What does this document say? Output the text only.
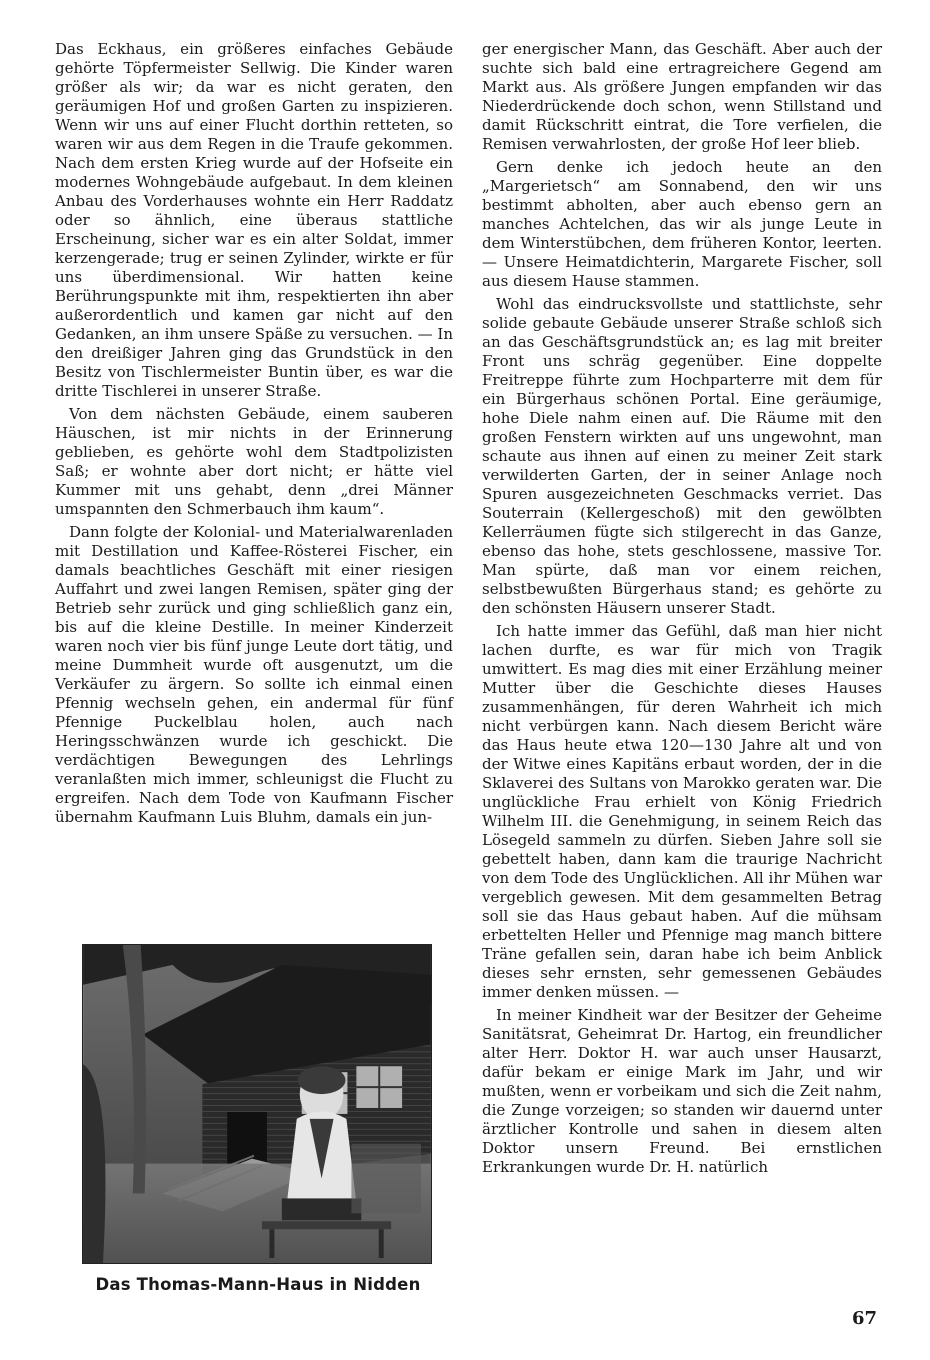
Das Eckhaus, ein größeres einfaches Gebäude gehörte Töpfermeister Sellwig. Die Kinder waren größer als wir; da war es nicht geraten, den geräumigen Hof und großen Garten zu inspizieren. Wenn wir uns auf einer Flucht dorthin retteten, so waren wir aus dem Regen in die Traufe gekommen. Nach dem ersten Krieg wurde auf der Hofseite ein modernes Wohngebäude aufgebaut. In dem kleinen Anbau des Vorderhauses wohnte ein Herr Raddatz oder so ähnlich, eine überaus stattliche Erscheinung, sicher war es ein alter Soldat, immer kerzengerade; trug er seinen Zylinder, wirkte er für uns überdimensional. Wir hatten keine Berührungspunkte mit ihm, respektierten ihn aber außerordentlich und kamen gar nicht auf den Gedanken, an ihm unsere Späße zu versuchen. — In den dreißiger Jahren ging das Grundstück in den Besitz von Tischlermeister Buntin über, es war die dritte Tischlerei in unserer Straße.

Von dem nächsten Gebäude, einem sauberen Häuschen, ist mir nichts in der Erinnerung geblieben, es gehörte wohl dem Stadtpolizisten Saß; er wohnte aber dort nicht; er hätte viel Kummer mit uns gehabt, denn „drei Männer umspannten den Schmerbauch ihm kaum“.

Dann folgte der Kolonial- und Materialwarenladen mit Destillation und Kaffee-Rösterei Fischer, ein damals beachtliches Geschäft mit einer riesigen Auffahrt und zwei langen Remisen, später ging der Betrieb sehr zurück und ging schließlich ganz ein, bis auf die kleine Destille. In meiner Kinderzeit waren noch vier bis fünf junge Leute dort tätig, und meine Dummheit wurde oft ausgenutzt, um die Verkäufer zu ärgern. So sollte ich einmal einen Pfennig wechseln gehen, ein andermal für fünf Pfennige Puckelblau holen, auch nach Heringsschwänzen wurde ich geschickt. Die verdächtigen Bewegungen des Lehrlings veranlaßten mich immer, schleunigst die Flucht zu ergreifen. Nach dem Tode von Kaufmann Fischer übernahm Kaufmann Luis Bluhm, damals ein jun-

Das Thomas-Mann-Haus in Nidden

ger energischer Mann, das Geschäft. Aber auch der suchte sich bald eine ertragreichere Gegend am Markt aus. Als größere Jungen empfanden wir das Niederdrückende doch schon, wenn Stillstand und damit Rückschritt eintrat, die Tore verfielen, die Remisen verwahrlosten, der große Hof leer blieb.

Gern denke ich jedoch heute an den „Margerietsch“ am Sonnabend, den wir uns bestimmt abholten, aber auch ebenso gern an manches Achtelchen, das wir als junge Leute in dem Winterstübchen, dem früheren Kontor, leerten. — Unsere Heimatdichterin, Margarete Fischer, soll aus diesem Hause stammen.

Wohl das eindrucksvollste und stattlichste, sehr solide gebaute Gebäude unserer Straße schloß sich an das Geschäftsgrundstück an; es lag mit breiter Front uns schräg gegenüber. Eine doppelte Freitreppe führte zum Hochparterre mit dem für ein Bürgerhaus schönen Portal. Eine geräumige, hohe Diele nahm einen auf. Die Räume mit den großen Fenstern wirkten auf uns ungewohnt, man schaute aus ihnen auf einen zu meiner Zeit stark verwilderten Garten, der in seiner Anlage noch Spuren ausgezeichneten Geschmacks verriet. Das Souterrain (Kellergeschoß) mit den gewölbten Kellerräumen fügte sich stilgerecht in das Ganze, ebenso das hohe, stets geschlossene, massive Tor. Man spürte, daß man vor einem reichen, selbstbewußten Bürgerhaus stand; es gehörte zu den schönsten Häusern unserer Stadt.

Ich hatte immer das Gefühl, daß man hier nicht lachen durfte, es war für mich von Tragik umwittert. Es mag dies mit einer Erzählung meiner Mutter über die Geschichte dieses Hauses zusammenhängen, für deren Wahrheit ich mich nicht verbürgen kann. Nach diesem Bericht wäre das Haus heute etwa 120—130 Jahre alt und von der Witwe eines Kapitäns erbaut worden, der in die Sklaverei des Sultans von Marokko geraten war. Die unglückliche Frau erhielt von König Friedrich Wilhelm III. die Genehmigung, in seinem Reich das Lösegeld sammeln zu dürfen. Sieben Jahre soll sie gebettelt haben, dann kam die traurige Nachricht von dem Tode des Unglücklichen. All ihr Mühen war vergeblich gewesen. Mit dem gesammelten Betrag soll sie das Haus gebaut haben. Auf die mühsam erbettelten Heller und Pfennige mag manch bittere Träne gefallen sein, daran habe ich beim Anblick dieses sehr ernsten, sehr gemessenen Gebäudes immer denken müssen. —

In meiner Kindheit war der Besitzer der Geheime Sanitätsrat, Geheimrat Dr. Hartog, ein freundlicher alter Herr. Doktor H. war auch unser Hausarzt, dafür bekam er einige Mark im Jahr, und wir mußten, wenn er vorbeikam und sich die Zeit nahm, die Zunge vorzeigen; so standen wir dauernd unter ärztlicher Kontrolle und sahen in diesem alten Doktor unsern Freund. Bei ernstlichen Erkrankungen wurde Dr. H. natürlich

67
